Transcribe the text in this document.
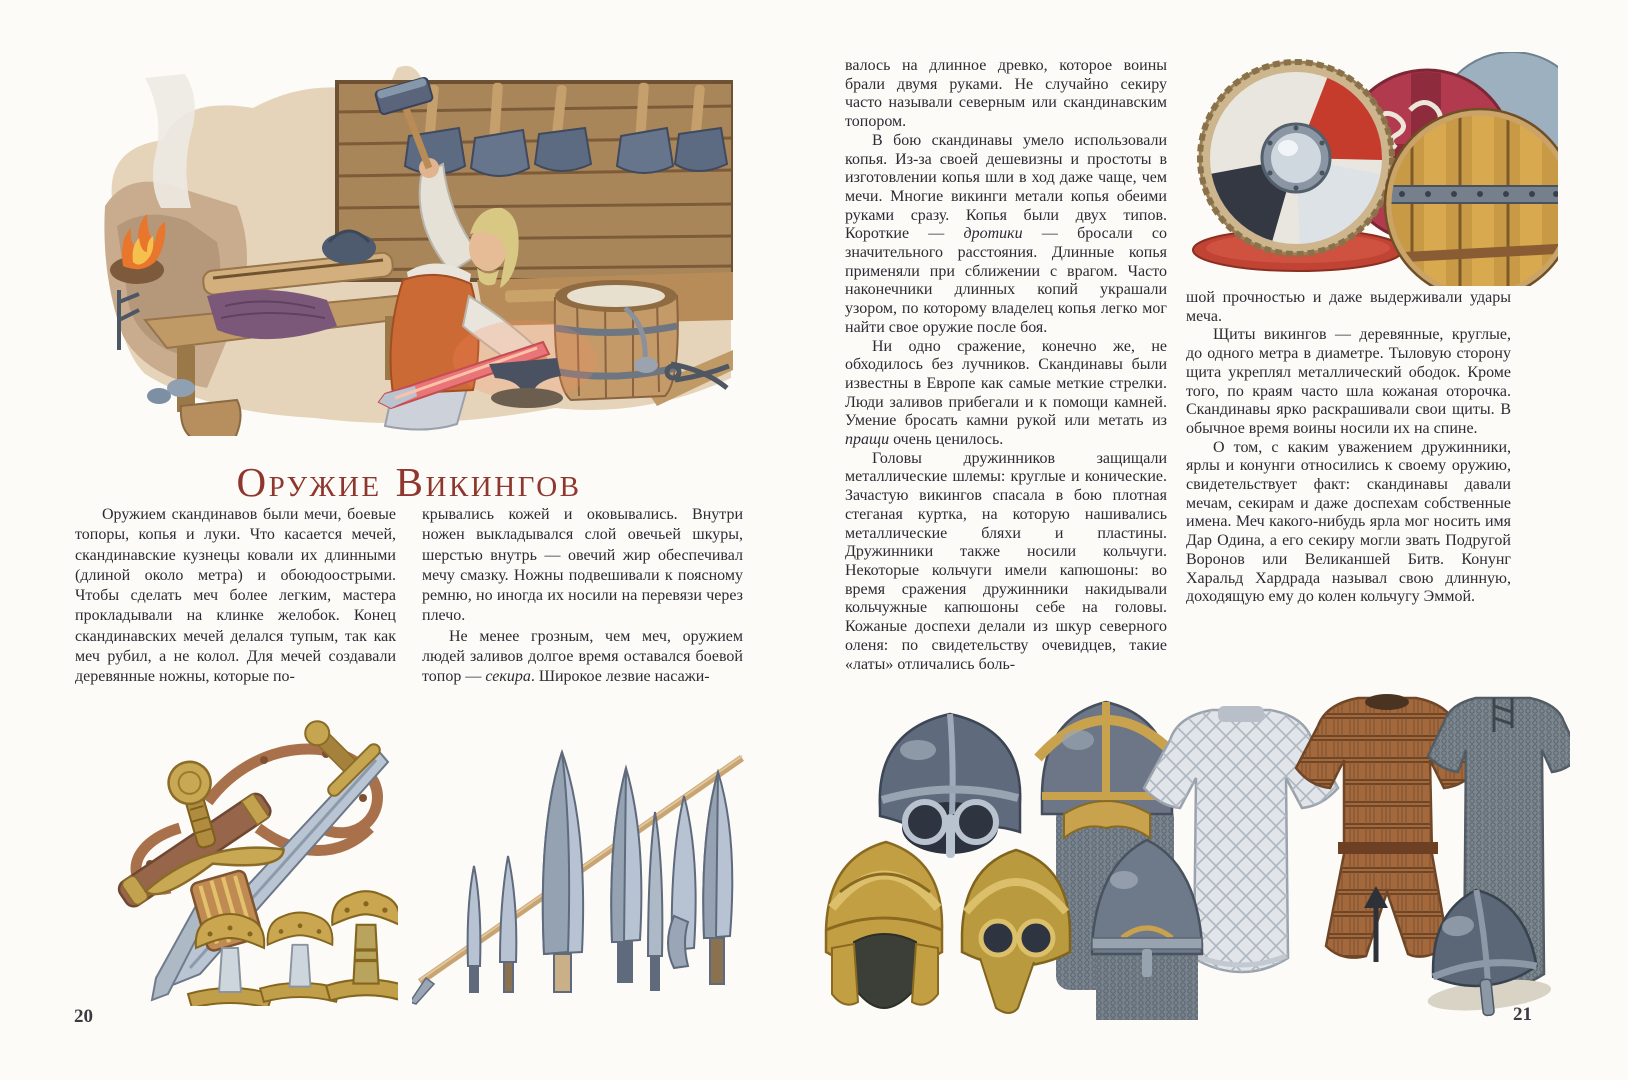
ОРУЖИЕ ВИКИНГОВ

Оружием скандинавов были мечи, боевые топоры, копья и луки. Что касается мечей, скандинавские кузнецы ковали их длинными (длиной около метра) и обоюдоострыми. Чтобы сделать меч более легким, мастера прокладывали на клинке желобок. Конец скандинавских мечей делался тупым, так как меч рубил, а не колол. Для мечей создавали деревянные ножны, которые по-

крывались кожей и оковывались. Внутри ножен выкладывался слой овечьей шкуры, шерстью внутрь — овечий жир обеспечивал мечу смазку. Ножны подвешивали к поясному ремню, но иногда их носили на перевязи через плечо.

Не менее грозным, чем меч, оружием людей заливов долгое время оставался боевой топор — секира. Широкое лезвие насажи-

20

валось на длинное древко, которое воины брали двумя руками. Не случайно секиру часто называли северным или скандинавским топором.

В бою скандинавы умело использовали копья. Из-за своей дешевизны и простоты в изготовлении копья шли в ход даже чаще, чем мечи. Многие викинги метали копья обеими руками сразу. Копья были двух типов. Короткие — дротики — бросали со значительного расстояния. Длинные копья применяли при сближении с врагом. Часто наконечники длинных копий украшали узором, по которому владелец копья легко мог найти свое оружие после боя.

Ни одно сражение, конечно же, не обходилось без лучников. Скандинавы были известны в Европе как самые меткие стрелки. Люди заливов прибегали и к помощи камней. Умение бросать камни рукой или метать из пращи очень ценилось.

Головы дружинников защищали металлические шлемы: круглые и конические. Зачастую викингов спасала в бою плотная стеганая куртка, на которую нашивались металлические бляхи и пластины. Дружинники также носили кольчуги. Некоторые кольчуги имели капюшоны: во время сражения дружинники накидывали кольчужные капюшоны себе на головы. Кожаные доспехи делали из шкур северного оленя: по свидетельству очевидцев, такие «латы» отличались боль-

шой прочностью и даже выдерживали удары меча.

Щиты викингов — деревянные, круглые, до одного метра в диаметре. Тыловую сторону щита укреплял металлический ободок. Кроме того, по краям часто шла кожаная оторочка. Скандинавы ярко раскрашивали свои щиты. В обычное время воины носили их на спине.

О том, с каким уважением дружинники, ярлы и конунги относились к своему оружию, свидетельствует факт: скандинавы давали мечам, секирам и даже доспехам собственные имена. Меч какого-нибудь ярла мог носить имя Дар Одина, а его секиру могли звать Подругой Воронов или Великаншей Битв. Конунг Харальд Хардрада называл свою длинную, доходящую ему до колен кольчугу Эммой.

21
